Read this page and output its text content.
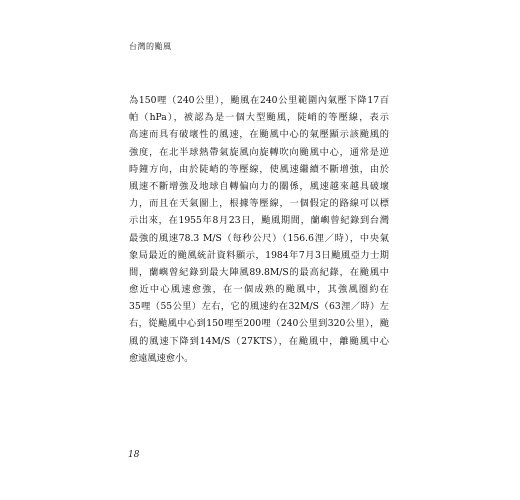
台灣的颱風
為150哩（240公里），颱風在240公里範圍內氣壓下降17百
帕（hPa），被認為是一個大型颱風，陡峭的等壓線，表示
高速而具有破壞性的風速，在颱風中心的氣壓顯示該颱風的
強度，在北半球熱帶氣旋風向旋轉吹向颱風中心，通常是逆
時鐘方向，由於陡峭的等壓線，使風速繼續不斷增強，由於
風速不斷增強及地球自轉偏向力的關係，風速越來越具破壞
力，而且在天氣圖上，根據等壓線，一個假定的路線可以標
示出來，在1955年8月23日，颱風期間，蘭嶼曾紀錄到台灣
最強的風速78.3 M/S（每秒公尺）（156.6浬／時），中央氣
象局最近的颱風統計資料顯示，1984年7月3日颱風亞力士期
間，蘭嶼曾紀錄到最大陣風89.8M/S的最高紀錄，在颱風中
愈近中心風速愈強，在一個成熟的颱風中，其強風圈約在
35哩（55公里）左右，它的風速約在32M/S（63浬／時）左
右，從颱風中心到150哩至200哩（240公里到320公里），颱
風的風速下降到14M/S（27KTS），在颱風中，離颱風中心
愈遠風速愈小。
18
